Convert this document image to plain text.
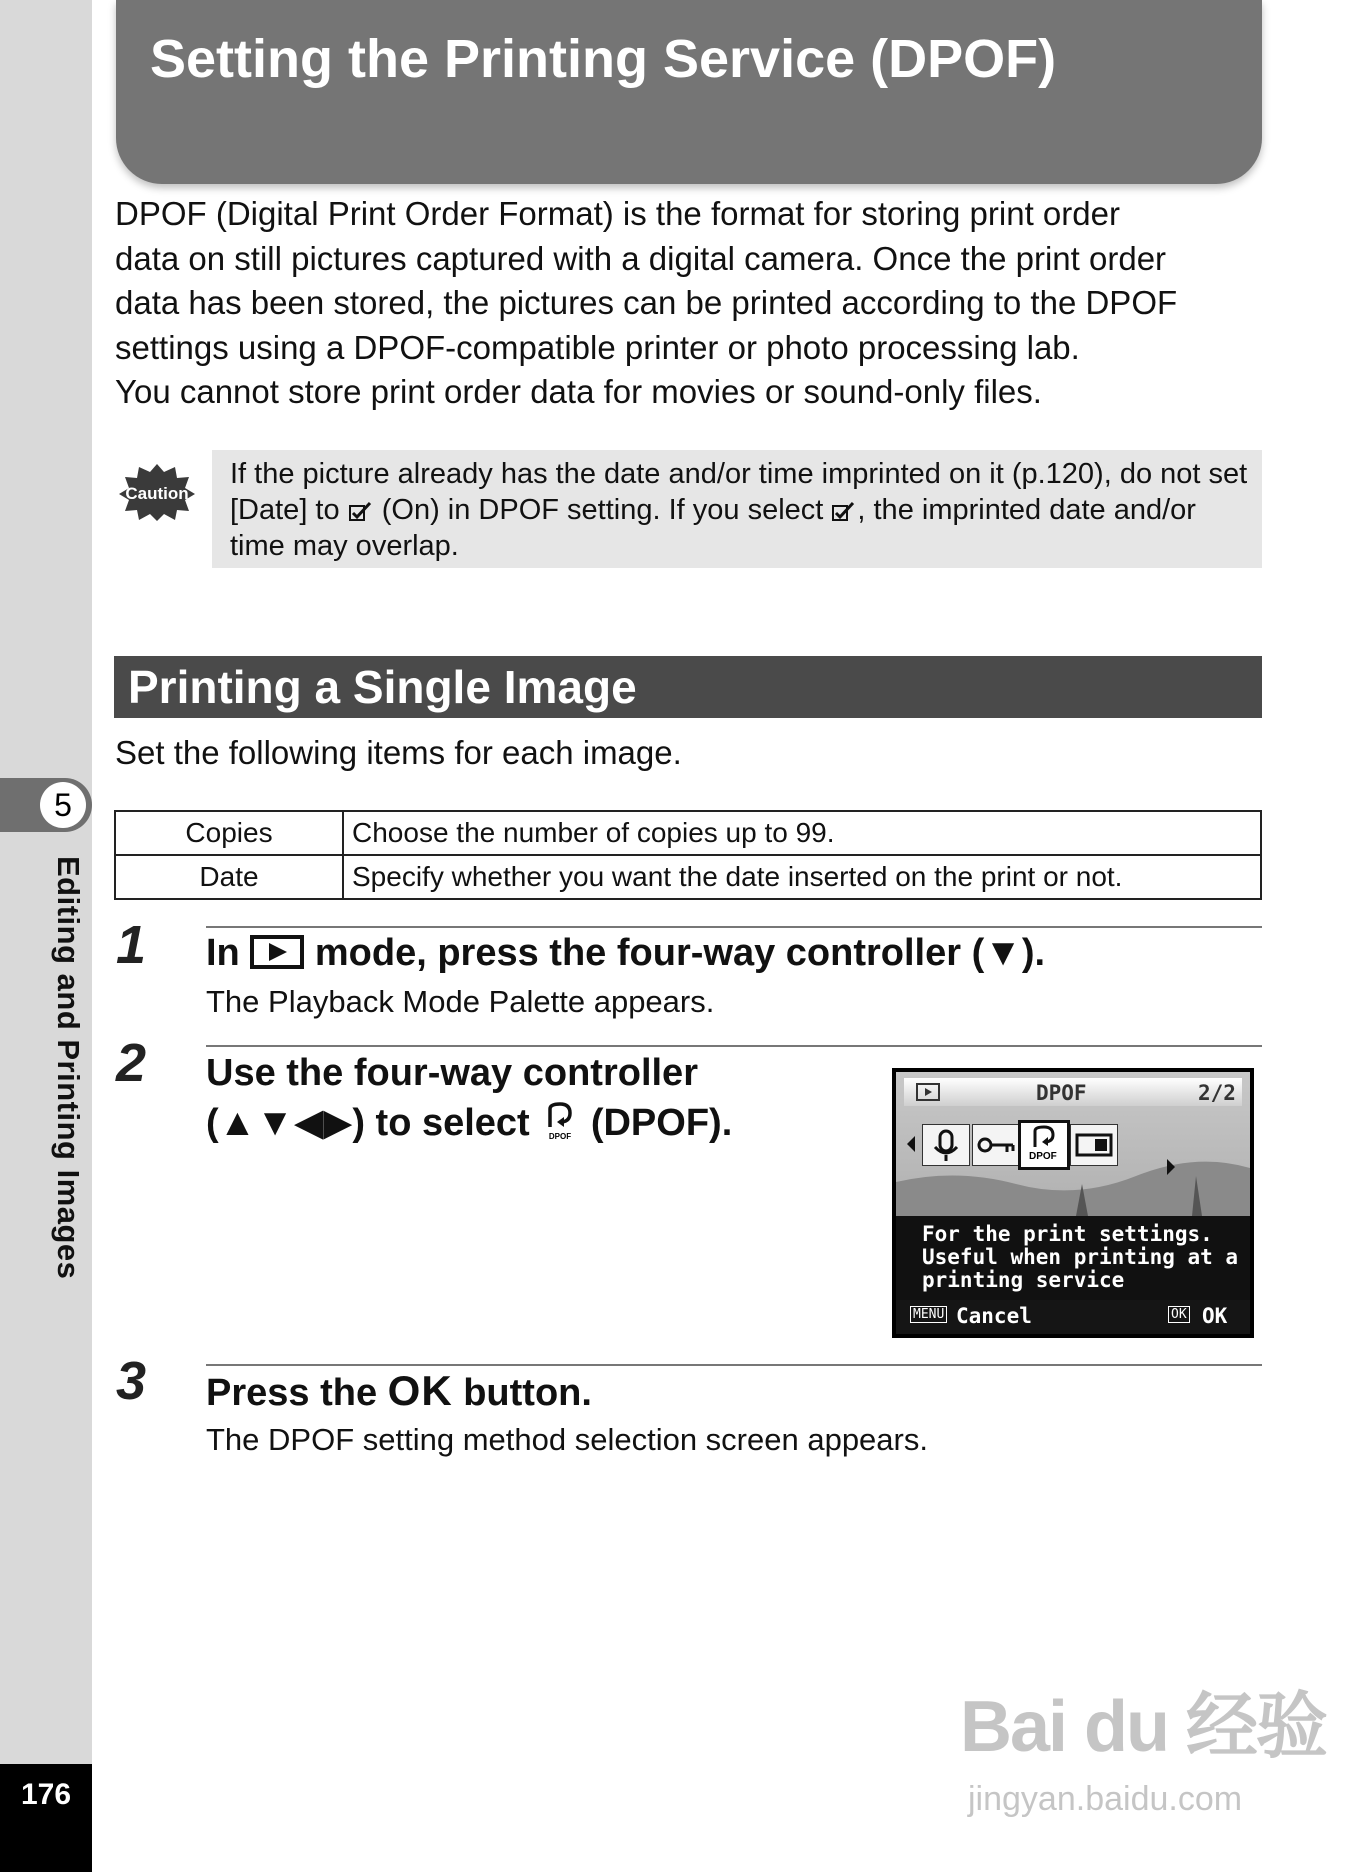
5
Editing and Printing Images
176
Setting the Printing Service (DPOF)

DPOF (Digital Print Order Format) is the format for storing print order

data on still pictures captured with a digital camera. Once the print order

data has been stored, the pictures can be printed according to the DPOF

settings using a DPOF-compatible printer or photo processing lab.

You cannot store print order data for movies or sound-only files.

Caution
If the picture already has the date and/or time imprinted on it (p.120), do not set [Date] to  (On) in DPOF setting. If you select , the imprinted date and/or time may overlap.
Printing a Single Image
Set the following items for each image.
Copies	Choose the number of copies up to 99.
Date	Specify whether you want the date inserted on the print or not.
1 In  mode, press the four-way controller (▼).
The Playback Mode Palette appears.
2 Use the four-way controller
(▲▼◀▶) to select DPOF (DPOF).
DPOF	2/2
DPOF
For the print settings.
Useful when printing at a
printing service
MENU Cancel	OK OK
3 Press the OK button.
The DPOF setting method selection screen appears.
Bai du 经验
jingyan.baidu.com
